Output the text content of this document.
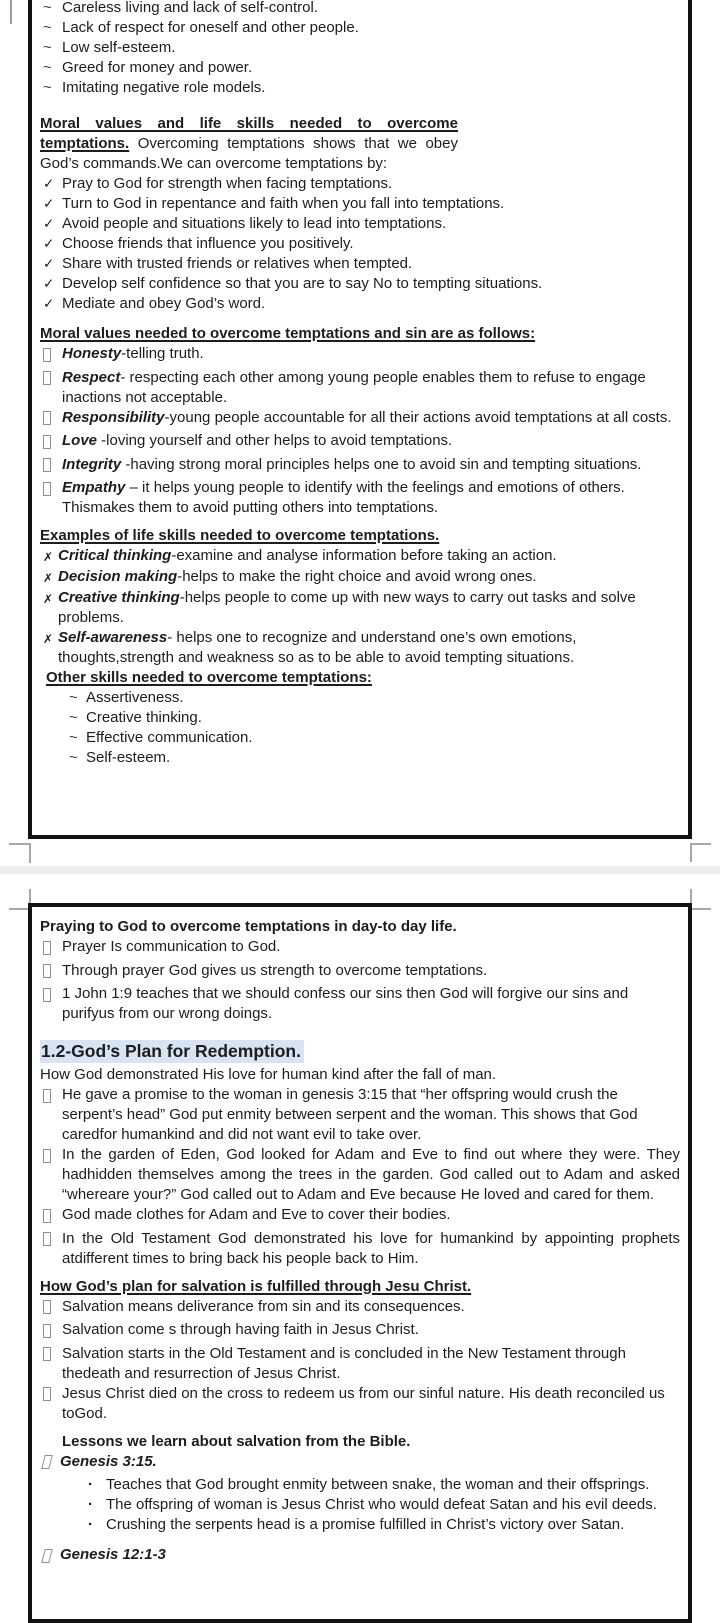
~ Careless living and lack of self-control.
~ Lack of respect for oneself and other people.
~ Low self-esteem.
~ Greed for money and power.
~ Imitating negative role models.
Moral values and life skills needed to overcome temptations. Overcoming temptations shows that we obey God’s commands.We can overcome temptations by:
✓ Pray to God for strength when facing temptations.
✓ Turn to God in repentance and faith when you fall into temptations.
✓ Avoid people and situations likely to lead into temptations.
✓ Choose friends that influence you positively.
✓ Share with trusted friends or relatives when tempted.
✓ Develop self confidence so that you are to say No to tempting situations.
✓ Mediate and obey God’s word.
Moral values needed to overcome temptations and sin are as follows:
Honesty-telling truth.
Respect- respecting each other among young people enables them to refuse to engage inactions not acceptable.
Responsibility-young people accountable for all their actions avoid temptations at all costs.
Love -loving yourself and other helps to avoid temptations.
Integrity -having strong moral principles helps one to avoid sin and tempting situations.
Empathy – it helps young people to identify with the feelings and emotions of others. Thismakes them to avoid putting others into temptations.
Examples of life skills needed to overcome temptations.
✗ Critical thinking-examine and analyse information before taking an action.
✗ Decision making-helps to make the right choice and avoid wrong ones.
✗ Creative thinking-helps people to come up with new ways to carry out tasks and solve problems.
✗ Self-awareness- helps one to recognize and understand one’s own emotions, thoughts,strength and weakness so as to be able to avoid tempting situations.
Other skills needed to overcome temptations:
~ Assertiveness.
~ Creative thinking.
~ Effective communication.
~ Self-esteem.
Praying to God to overcome temptations in day-to day life.
Prayer Is communication to God.
Through prayer God gives us strength to overcome temptations.
1 John 1:9 teaches that we should confess our sins then God will forgive our sins and purifyus from our wrong doings.
1.2-God’s Plan for Redemption.
How God demonstrated His love for human kind after the fall of man.
He gave a promise to the woman in genesis 3:15 that “her offspring would crush the serpent’s head” God put enmity between serpent and the woman. This shows that God caredfor humankind and did not want evil to take over.
In the garden of Eden, God looked for Adam and Eve to find out where they were. They hadhidden themselves among the trees in the garden. God called out to Adam and asked “whereare your?” God called out to Adam and Eve because He loved and cared for them.
God made clothes for Adam and Eve to cover their bodies.
In the Old Testament God demonstrated his love for humankind by appointing prophets atdifferent times to bring back his people back to Him.
How God’s plan for salvation is fulfilled through Jesu Christ.
Salvation means deliverance from sin and its consequences.
Salvation come s through having faith in Jesus Christ.
Salvation starts in the Old Testament and is concluded in the New Testament through thedeath and resurrection of Jesus Christ.
Jesus Christ died on the cross to redeem us from our sinful nature. His death reconciled us toGod.
Lessons we learn about salvation from the Bible.
Genesis 3:15.
· Teaches that God brought enmity between snake, the woman and their offsprings.
· The offspring of woman is Jesus Christ who would defeat Satan and his evil deeds.
· Crushing the serpents head is a promise fulfilled in Christ’s victory over Satan.
Genesis 12:1-3
